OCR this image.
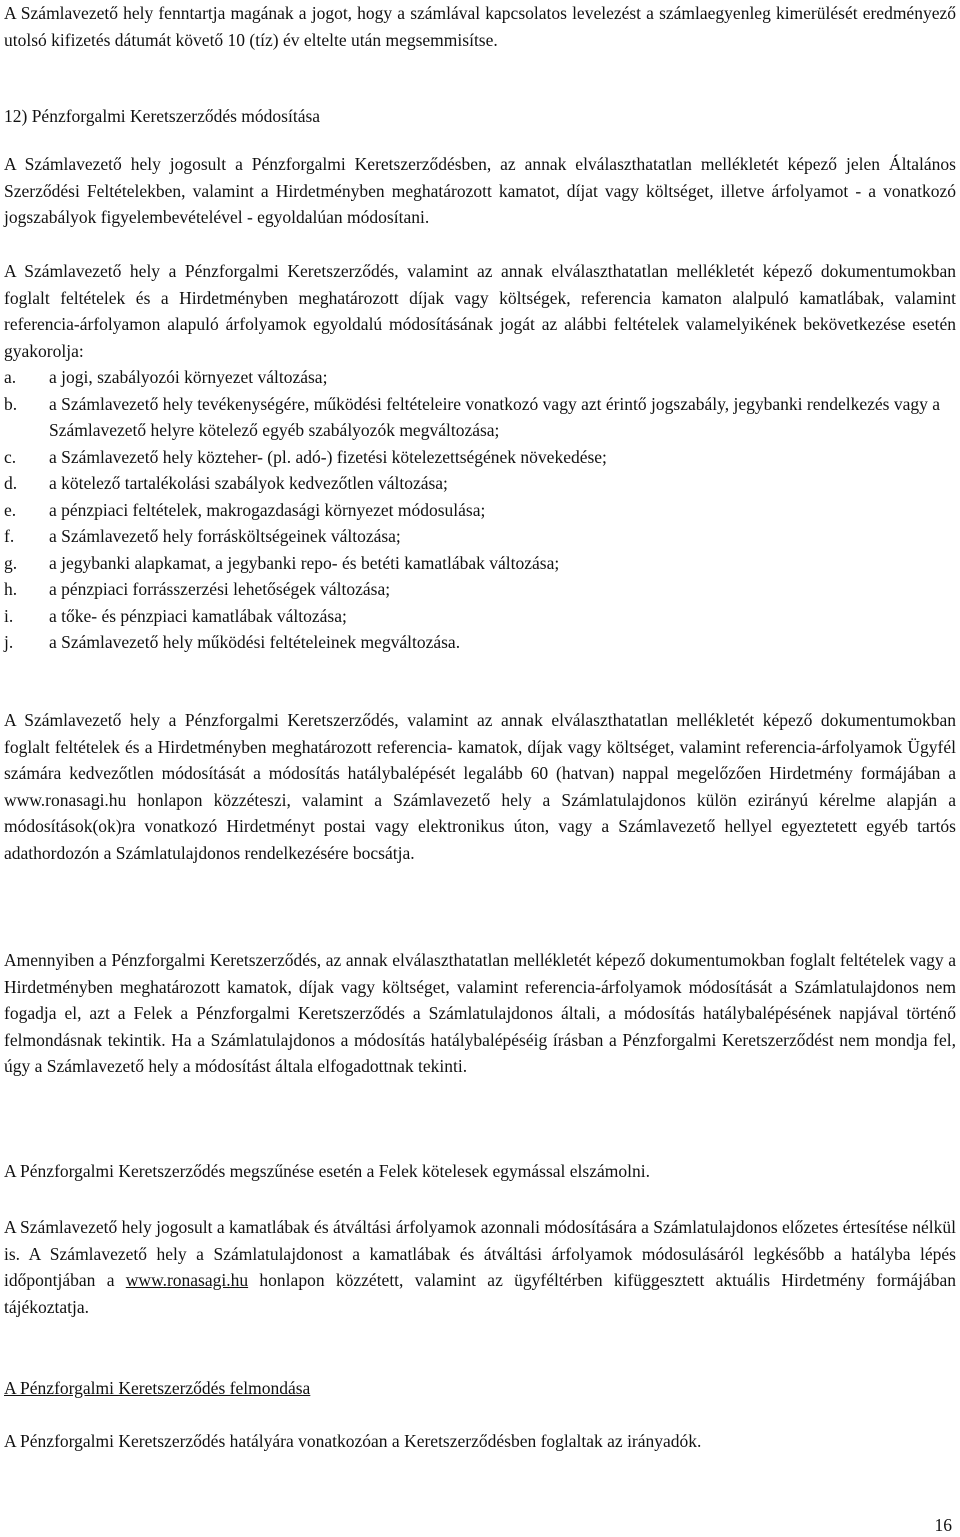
A Számlavezető hely fenntartja magának a jogot, hogy a számlával kapcsolatos levelezést a számlaegyenleg kimerülését eredményező utolsó kifizetés dátumát követő 10 (tíz) év eltelte után megsemmisítse.

12) Pénzforgalmi Keretszerződés módosítása

A Számlavezető hely jogosult a Pénzforgalmi Keretszerződésben, az annak elválaszthatatlan mellékletét képező jelen Általános Szerződési Feltételekben, valamint a Hirdetményben meghatározott kamatot, díjat vagy költséget, illetve árfolyamot - a vonatkozó jogszabályok figyelembevételével - egyoldalúan módosítani.

A Számlavezető hely a Pénzforgalmi Keretszerződés, valamint az annak elválaszthatatlan mellékletét képező dokumentumokban foglalt feltételek és a Hirdetményben meghatározott díjak vagy költségek, referencia kamaton alalpuló kamatlábak, valamint referencia-árfolyamon alapuló árfolyamok egyoldalú módosításának jogát az alábbi feltételek valamelyikének bekövetkezése esetén gyakorolja:

a. a jogi, szabályozói környezet változása;
b. a Számlavezető hely tevékenységére, működési feltételeire vonatkozó vagy azt érintő jogszabály, jegybanki rendelkezés vagy a Számlavezető helyre kötelező egyéb szabályozók megváltozása;
c. a Számlavezető hely közteher- (pl. adó-) fizetési kötelezettségének növekedése;
d. a kötelező tartalékolási szabályok kedvezőtlen változása;
e. a pénzpiaci feltételek, makrogazdasági környezet módosulása;
f. a Számlavezető hely forrásköltségeinek változása;
g. a jegybanki alapkamat, a jegybanki repo- és betéti kamatlábak változása;
h. a pénzpiaci forrásszerzési lehetőségek változása;
i. a tőke- és pénzpiaci kamatlábak változása;
j. a Számlavezető hely működési feltételeinek megváltozása.

A Számlavezető hely a Pénzforgalmi Keretszerződés, valamint az annak elválaszthatatlan mellékletét képező dokumentumokban foglalt feltételek és a Hirdetményben meghatározott referencia- kamatok, díjak vagy költséget, valamint referencia-árfolyamok Ügyfél számára kedvezőtlen módosítását a módosítás hatálybalépését legalább 60 (hatvan) nappal megelőzően Hirdetmény formájában a www.ronasagi.hu honlapon közzéteszi, valamint a Számlavezető hely a Számlatulajdonos külön ezirányú kérelme alapján a módosítások(ok)ra vonatkozó Hirdetményt postai vagy elektronikus úton, vagy a Számlavezető hellyel egyeztetett egyéb tartós adathordozón a Számlatulajdonos rendelkezésére bocsátja.

Amennyiben a Pénzforgalmi Keretszerződés, az annak elválaszthatatlan mellékletét képező dokumentumokban foglalt feltételek vagy a Hirdetményben meghatározott kamatok, díjak vagy költséget, valamint referencia-árfolyamok módosítását a Számlatulajdonos nem fogadja el, azt a Felek a Pénzforgalmi Keretszerződés a Számlatulajdonos általi, a módosítás hatálybalépésének napjával történő felmondásnak tekintik. Ha a Számlatulajdonos a módosítás hatálybalépéséig írásban a Pénzforgalmi Keretszerződést nem mondja fel, úgy a Számlavezető hely a módosítást általa elfogadottnak tekinti.

A Pénzforgalmi Keretszerződés megszűnése esetén a Felek kötelesek egymással elszámolni.

A Számlavezető hely jogosult a kamatlábak és átváltási árfolyamok azonnali módosítására a Számlatulajdonos előzetes értesítése nélkül is. A Számlavezető hely a Számlatulajdonost a kamatlábak és átváltási árfolyamok módosulásáról legkésőbb a hatályba lépés időpontjában a www.ronasagi.hu honlapon közzétett, valamint az ügyféltérben kifüggesztett aktuális Hirdetmény formájában tájékoztatja.

A Pénzforgalmi Keretszerződés felmondása

A Pénzforgalmi Keretszerződés hatályára vonatkozóan a Keretszerződésben foglaltak az irányadók.

16
